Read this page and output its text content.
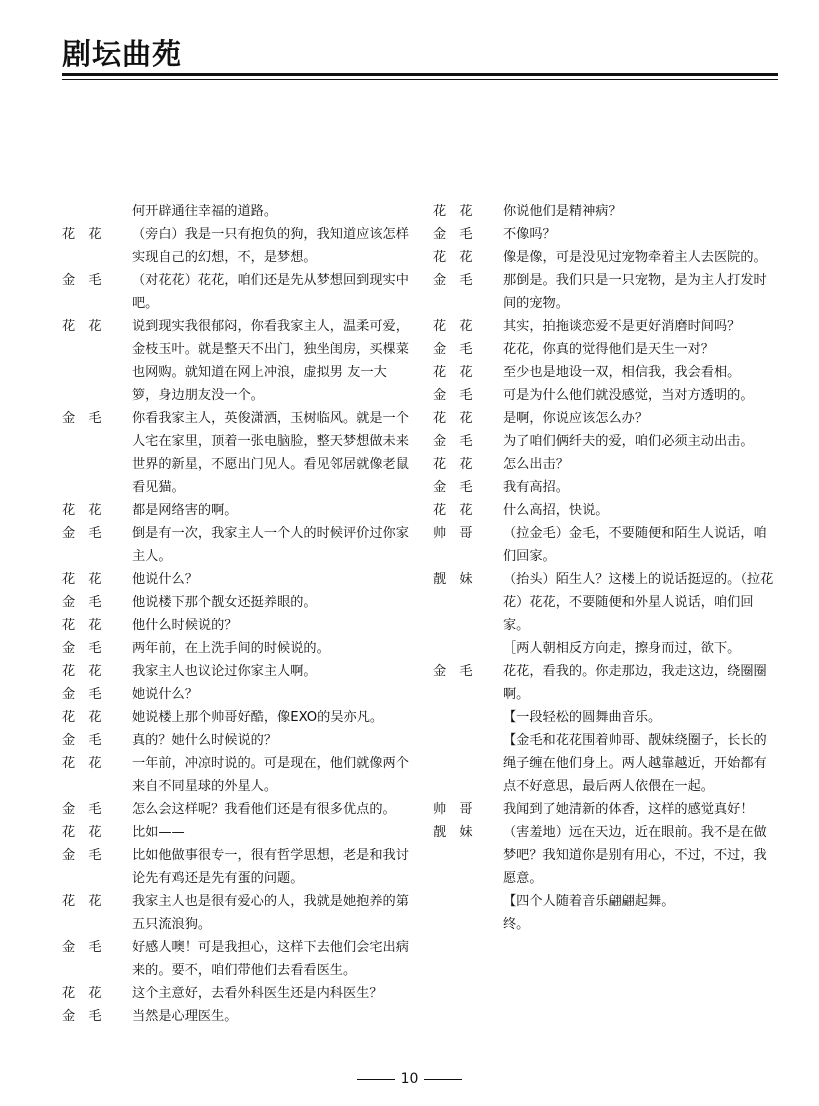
剧坛曲苑
何开辟通往幸福的道路。
花　花	（旁白）我是一只有抱负的狗，我知道应该怎样实现自己的幻想，不，是梦想。
金　毛	（对花花）花花，咱们还是先从梦想回到现实中吧。
花　花	说到现实我很郁闷，你看我家主人，温柔可爱，金枝玉叶。就是整天不出门，独坐闺房，买棵菜也网购。就知道在网上冲浪，虚拟男 友一大箩，身边朋友没一个。
金　毛	你看我家主人，英俊潇洒，玉树临风。就是一个人宅在家里，顶着一张电脑脸，整天梦想做未来世界的新星，不愿出门见人。看见邻居就像老鼠看见猫。
花　花	都是网络害的啊。
金　毛	倒是有一次，我家主人一个人的时候评价过你家主人。
花　花	他说什么？
金　毛	他说楼下那个靓女还挺养眼的。
花　花	他什么时候说的？
金　毛	两年前，在上洗手间的时候说的。
花　花	我家主人也议论过你家主人啊。
金　毛	她说什么？
花　花	她说楼上那个帅哥好酷，像EXO的吴亦凡。
金　毛	真的？她什么时候说的？
花　花	一年前，冲凉时说的。可是现在，他们就像两个来自不同星球的外星人。
金　毛	怎么会这样呢？我看他们还是有很多优点的。
花　花	比如——
金　毛	比如他做事很专一，很有哲学思想，老是和我讨论先有鸡还是先有蛋的问题。
花　花	我家主人也是很有爱心的人，我就是她抱养的第五只流浪狗。
金　毛	好感人噢！可是我担心，这样下去他们会宅出病来的。要不，咱们带他们去看看医生。
花　花	这个主意好，去看外科医生还是内科医生？
金　毛	当然是心理医生。
花　花	你说他们是精神病？
金　毛	不像吗？
花　花	像是像，可是没见过宠物牵着主人去医院的。
金　毛	那倒是。我们只是一只宠物，是为主人打发时间的宠物。
花　花	其实，拍拖谈恋爱不是更好消磨时间吗？
金　毛	花花，你真的觉得他们是天生一对？
花　花	至少也是地设一双，相信我，我会看相。
金　毛	可是为什么他们就没感觉，当对方透明的。
花　花	是啊，你说应该怎么办？
金　毛	为了咱们俩纤夫的爱，咱们必须主动出击。
花　花	怎么出击？
金　毛	我有高招。
花　花	什么高招，快说。
帅　哥	（拉金毛）金毛，不要随便和陌生人说话，咱们回家。
靓　妹	（抬头）陌生人？这楼上的说话挺逗的。（拉花花）花花，不要随便和外星人说话，咱们回家。
［两人朝相反方向走，擦身而过，欲下。
金　毛	花花，看我的。你走那边，我走这边，绕圈圈啊。
【一段轻松的圆舞曲音乐。
【金毛和花花围着帅哥、靓妹绕圈子，长长的绳子缠在他们身上。两人越靠越近，开始都有点不好意思，最后两人依偎在一起。
帅　哥	我闻到了她清新的体香，这样的感觉真好！
靓　妹	（害羞地）远在天边，近在眼前。我不是在做梦吧？我知道你是别有用心，不过，不过，我愿意。
【四个人随着音乐翩翩起舞。
终。
10
